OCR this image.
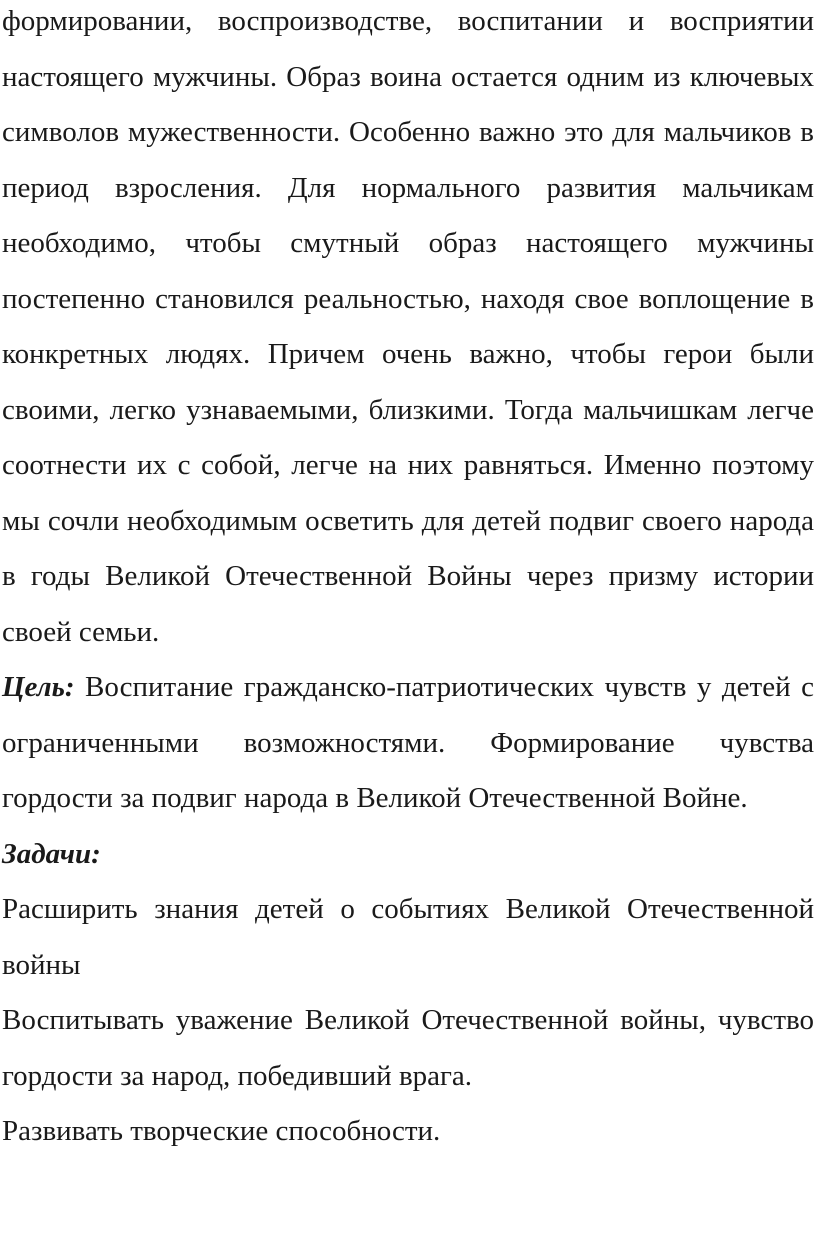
формировании, воспроизводстве, воспитании и восприятии настоящего мужчины. Образ воина остается одним из ключевых символов мужественности. Особенно важно это для мальчиков в период взросления. Для нормального развития мальчикам необходимо, чтобы смутный образ настоящего мужчины постепенно становился реальностью, находя свое воплощение в конкретных людях. Причем очень важно, чтобы герои были своими, легко узнаваемыми, близкими. Тогда мальчишкам легче соотнести их с собой, легче на них равняться. Именно поэтому мы сочли необходимым осветить для детей подвиг своего народа в годы Великой Отечественной Войны через призму истории своей семьи.

Цель: Воспитание гражданско-патриотических чувств у детей с ограниченными возможностями. Формирование чувства гордости за подвиг народа в Великой Отечественной Войне.

Задачи:

Расширить знания детей о событиях Великой Отечественной войны

Воспитывать уважение Великой Отечественной войны, чувство гордости за народ, победивший врага.

Развивать творческие способности.
